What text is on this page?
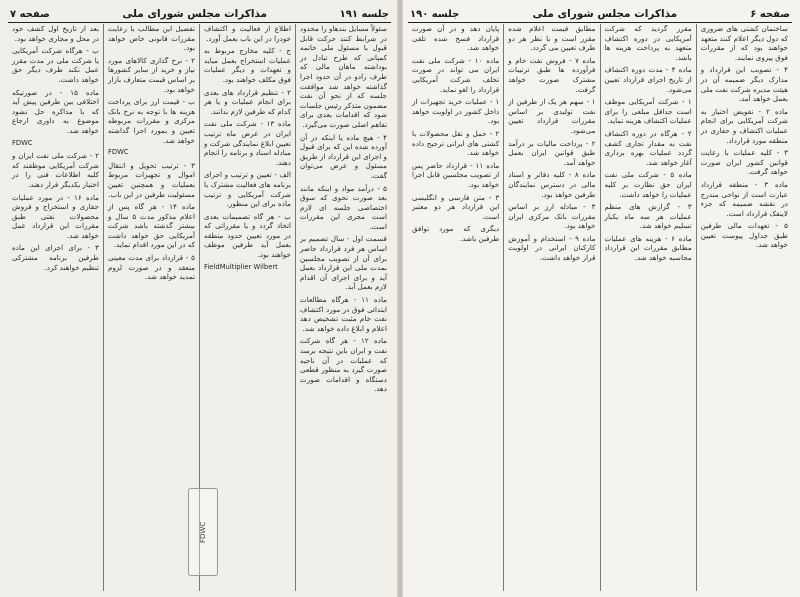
جلسه ۱۹۱
مذاکرات مجلس شورای ملی
صفحه ۷

سئولاً مسایل بندهاو را محدود در شرایط کنند حرکت قابل قبول با مسئول ملی خاتمه کمپانی که طرح تبادل در بوداشته ماهان مالی که طرف رادو در آن حدود اجرا گذاشته خواهد شد موافقت جلسه که از نحو آن نفت مضمون متذکر رئیس جلسات شود که اقدامات بعدی برای تفاهم اصلی صورت می‌گیرد.

۴ - هیچ ماده یا اینکه در آن آورده شده این که برای قبول و اجرای این قرارداد از طریق مسئول و عرض می‌توان گفت.

۵ - درآمد مواد و اینکه مانند بعد صورت نحوی که سوق اختصاصی جلسه ای لازم است مجری این مقررات است.

قسمت اول - سال تصمیم بر اساس هر فرد قرارداد حاضر برای آن از تصویب مجلسین بمدت ملی این قرارداد بعمل آید و برای اجرای آن اقدام لازم بعمل آید.

ماده ۱۱ - هرگاه مطالعات ابتدائی فوق در مورد اکتشاف نفت خام مثبت تشخیص دهد اعلام و ابلاغ داده خواهد شد.

ماده ۱۲ - هر گاه شرکت نفت و ایران باین نتیجه برسد که عملیات در آن ناحیه صورت گیرد به منظور قطعی دستگاه و اقدامات صورت دهد.

اطلاع از فعالیت و اکتشاف خودرا در این باب بعمل آورد.

ج - کلیه مخارج مربوط به عملیات استخراج بعمل میاید و تعهدات و دیگر عملیات فوق مکلف خواهند بود.

۲ - تنظیم قرارداد های بعدی برای انجام عملیات و یا هر کدام که طرفین لازم بدانند.

ماده ۱۳ - شرکت ملی نفت ایران در عرض ماه ترتیب تعیین ابلاغ نمایندگی شرکت و مبادله اسناد و برنامه را انجام دهند.

الف - تعیین و ترتیب و اجرای برنامه های فعالیت مشترک با شرکت آمریکایی و ترتیب ماده برای این منظور.

ب - هر گاه تصمیمات بعدی اتخاذ گردد و یا مقرراتی که در مورد تعیین حدود منطقه بعمل آید طرفین موظف خواهند بود.

FieldMultiplier Wilbert

تفصیل این مطالب با رعایت مقررات قانونی خاص خواهد بود.

۲ - نرخ گذاری کالاهای مورد نیاز و خرید از سایر کشورها بر اساس قیمت متعارف بازار خواهد بود.

ب - قیمت ارز برای پرداخت هزینه ها با توجه به نرخ بانک مرکزی و مقررات مربوطه تعیین و بمورد اجرا گذاشته خواهد شد.

FDWC

۳ - ترتیب تحویل و انتقال اموال و تجهیزات مربوط بعملیات و همچنین تعیین مسئولیت طرفین در این باب.

ماده ۱۴ - هر گاه پس از اعلام مذکور مدت ۵ سال و بیشتر گذشته باشد شرکت آمریکایی حق خواهد داشت که در این مورد اقدام نماید.

۵ - قرارداد برای مدت معینی منعقد و در صورت لزوم تمدید خواهد شد.

بعد از تاریخ اول کشف خود در محل و مجاری خواهد بود.

ب - هرگاه شرکت آمریکایی یا شرکت ملی در مدت مقرر عمل نکند طرف دیگر حق خواهد داشت.

ماده ۱۵ - در صورتیکه اختلافی بین طرفین پیش آید که با مذاکره حل نشود موضوع به داوری ارجاع خواهد شد.

FDWC

۲ - شرکت ملی نفت ایران و شرکت آمریکایی موظفند که کلیه اطلاعات فنی را در اختیار یکدیگر قرار دهند.

ماده ۱۶ - در مورد عملیات حفاری و استخراج و فروش محصولات نفتی طبق مقررات این قرارداد عمل خواهد شد.

۳ - برای اجرای این ماده طرفین برنامه مشترکی تنظیم خواهند کرد.

FDWC
صفحه ۶
مذاکرات مجلس شورای ملی
جلسه ۱۹۰

ساختمان کشتی های ضروری که دول دیگر اعلام کنند متعهد خواهند بود که از مقررات فوق پیروی نمایند.

۴ - تصویب این قرارداد و مدارک دیگر ضمیمه آن در هیئت مدیره شرکت نفت ملی بعمل خواهد آمد.

ماده ۲ - تفویض اختیار به شرکت آمریکایی برای انجام عملیات اکتشاف و حفاری در منطقه مورد قرارداد.

۳ - کلیه عملیات با رعایت قوانین کشور ایران صورت خواهد گرفت.

ماده ۳ - منطقه قرارداد عبارت است از نواحی مندرج در نقشه ضمیمه که جزء لاینفک قرارداد است.

۵ - تعهدات مالی طرفین طبق جداول پیوست تعیین خواهد شد.

مقرر گردید که شرکت آمریکایی در دوره اکتشاف متعهد به پرداخت هزینه ها باشد.

ماده ۴ - مدت دوره اکتشاف از تاریخ اجرای قرارداد تعیین می‌شود.

۱ - شرکت آمریکایی موظف است حداقل مبلغی را برای عملیات اکتشاف هزینه نماید.

۲ - هرگاه در دوره اکتشاف نفت به مقدار تجاری کشف گردد عملیات بهره برداری آغاز خواهد شد.

ماده ۵ - شرکت ملی نفت ایران حق نظارت بر کلیه عملیات را خواهد داشت.

۳ - گزارش های منظم عملیات هر سه ماه یکبار تسلیم خواهد شد.

ماده ۶ - هزینه های عملیات مطابق مقررات این قرارداد محاسبه خواهد شد.

مطابق قیمت اعلام شده مقرر است و با نظر هر دو طرف تعیین می گردد.

ماده ۷ - فروش نفت خام و فرآورده ها طبق ترتیبات مشترک صورت خواهد گرفت.

۱ - سهم هر یک از طرفین از نفت تولیدی بر اساس مقررات قرارداد تعیین می‌شود.

۲ - پرداخت مالیات بر درآمد طبق قوانین ایران بعمل خواهد آمد.

ماده ۸ - کلیه دفاتر و اسناد مالی در دسترس نمایندگان طرفین خواهد بود.

۳ - مبادله ارز بر اساس مقررات بانک مرکزی ایران خواهد بود.

ماده ۹ - استخدام و آموزش کارکنان ایرانی در اولویت قرار خواهد داشت.

پایان دهد و در آن صورت قرارداد فسخ شده تلقی خواهد شد.

ماده ۱۰ - شرکت ملی نفت ایران می تواند در صورت تخلف شرکت آمریکایی قرارداد را لغو نماید.

۱ - عملیات خرید تجهیزات از داخل کشور در اولویت خواهد بود.

۲ - حمل و نقل محصولات با کشتی های ایرانی ترجیح داده خواهد شد.

ماده ۱۱ - قرارداد حاضر پس از تصویب مجلسین قابل اجرا خواهد بود.

۳ - متن فارسی و انگلیسی این قرارداد هر دو معتبر است.

دیگری که مورد توافق طرفین باشد.
